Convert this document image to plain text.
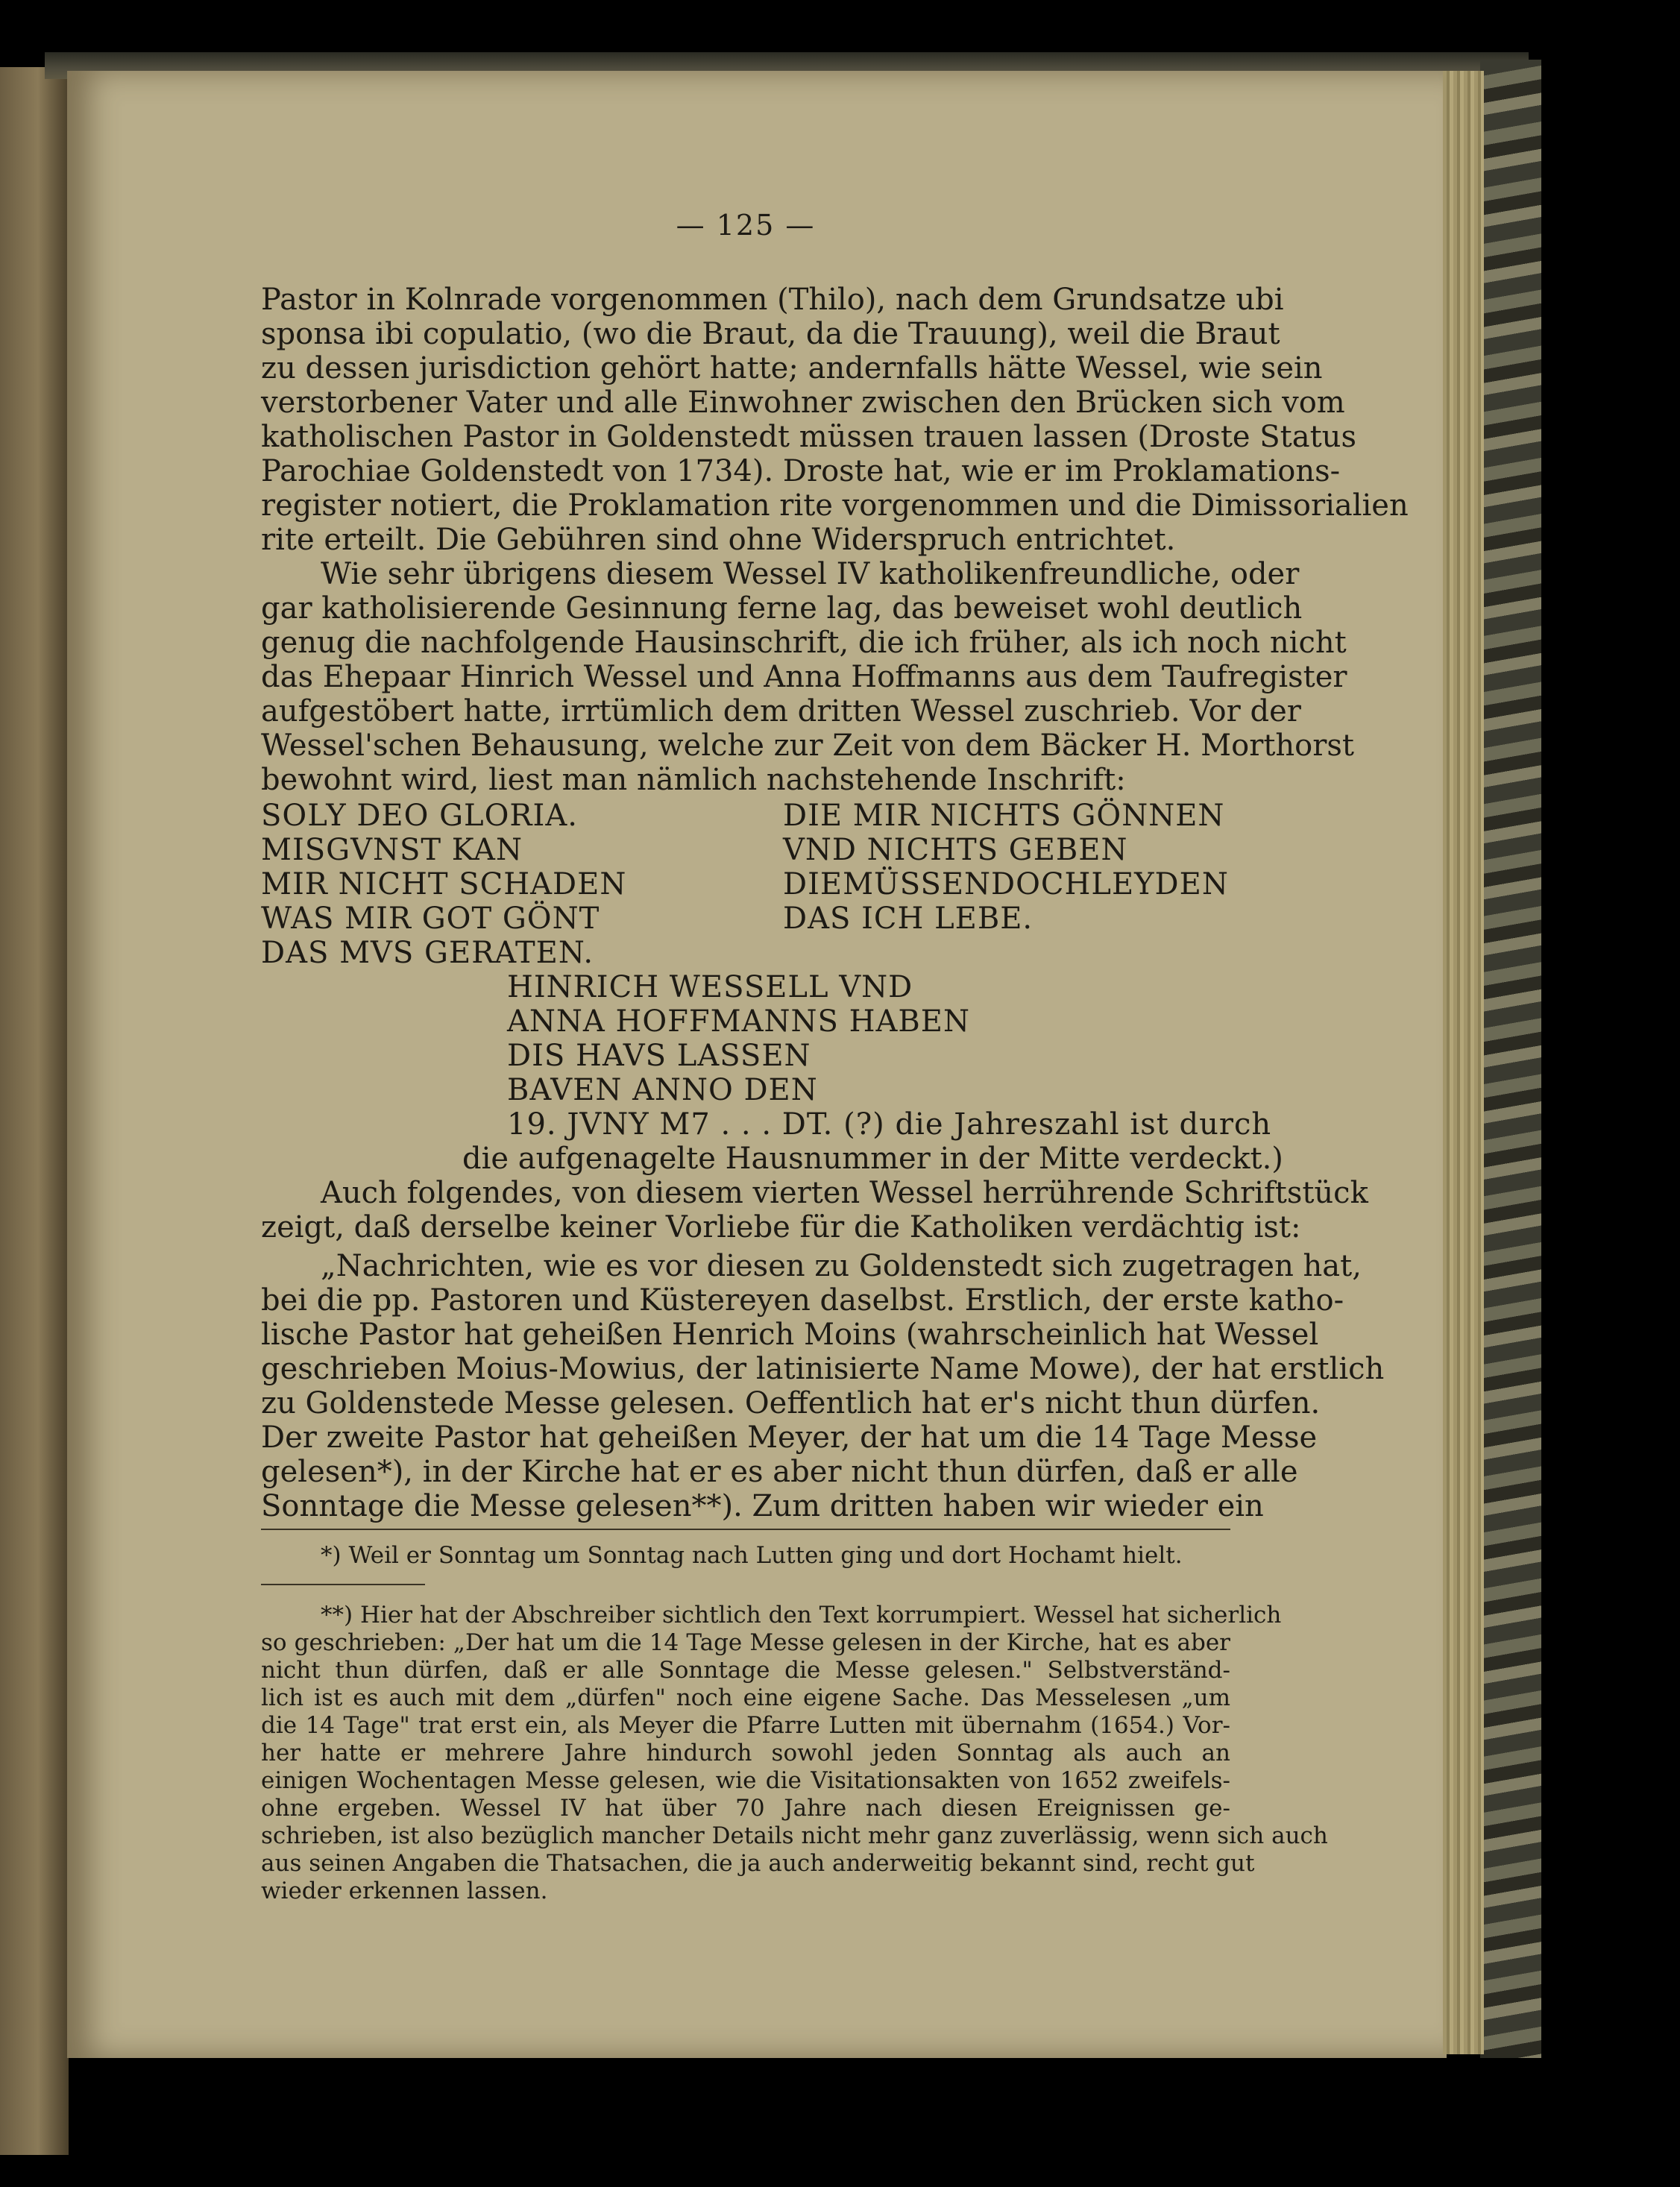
— 125 —
Pastor in Kolnrade vorgenommen (Thilo), nach dem Grundsatze ubi
sponsa ibi copulatio, (wo die Braut, da die Trauung), weil die Braut
zu dessen jurisdiction gehört hatte; andernfalls hätte Wessel, wie sein
verstorbener Vater und alle Einwohner zwischen den Brücken sich vom
katholischen Pastor in Goldenstedt müssen trauen lassen (Droste Status
Parochiae Goldenstedt von 1734). Droste hat, wie er im Proklamations-
register notiert, die Proklamation rite vorgenommen und die Dimissorialien
rite erteilt. Die Gebühren sind ohne Widerspruch entrichtet.
Wie sehr übrigens diesem Wessel IV katholikenfreundliche, oder
gar katholisierende Gesinnung ferne lag, das beweiset wohl deutlich
genug die nachfolgende Hausinschrift, die ich früher, als ich noch nicht
das Ehepaar Hinrich Wessel und Anna Hoffmanns aus dem Taufregister
aufgestöbert hatte, irrtümlich dem dritten Wessel zuschrieb. Vor der
Wessel'schen Behausung, welche zur Zeit von dem Bäcker H. Morthorst
bewohnt wird, liest man nämlich nachstehende Inschrift:
SOLY DEO GLORIA.
MISGVNST KAN
MIR NICHT SCHADEN
WAS MIR GOT GÖNT
DAS MVS GERATEN.
DIE MIR NICHTS GÖNNEN
VND NICHTS GEBEN
DIEMÜSSENDOCHLEYDEN
DAS ICH LEBE.
HINRICH WESSELL VND
ANNA HOFFMANNS HABEN
DIS HAVS LASSEN
BAVEN ANNO DEN
19. JVNY M7 . . . DT. (?) die Jahreszahl ist durch
die aufgenagelte Hausnummer in der Mitte verdeckt.)
Auch folgendes, von diesem vierten Wessel herrührende Schriftstück
zeigt, daß derselbe keiner Vorliebe für die Katholiken verdächtig ist:
„Nachrichten, wie es vor diesen zu Goldenstedt sich zugetragen hat,
bei die pp. Pastoren und Küstereyen daselbst. Erstlich, der erste katho-
lische Pastor hat geheißen Henrich Moins (wahrscheinlich hat Wessel
geschrieben Moius-Mowius, der latinisierte Name Mowe), der hat erstlich
zu Goldenstede Messe gelesen. Oeffentlich hat er's nicht thun dürfen.
Der zweite Pastor hat geheißen Meyer, der hat um die 14 Tage Messe
gelesen*), in der Kirche hat er es aber nicht thun dürfen, daß er alle
Sonntage die Messe gelesen**). Zum dritten haben wir wieder ein
*) Weil er Sonntag um Sonntag nach Lutten ging und dort Hochamt hielt.
**) Hier hat der Abschreiber sichtlich den Text korrumpiert. Wessel hat sicherlich
so geschrieben: „Der hat um die 14 Tage Messe gelesen in der Kirche, hat es aber
nicht thun dürfen, daß er alle Sonntage die Messe gelesen." Selbstverständ-
lich ist es auch mit dem „dürfen" noch eine eigene Sache. Das Messelesen „um
die 14 Tage" trat erst ein, als Meyer die Pfarre Lutten mit übernahm (1654.) Vor-
her hatte er mehrere Jahre hindurch sowohl jeden Sonntag als auch an
einigen Wochentagen Messe gelesen, wie die Visitationsakten von 1652 zweifels-
ohne ergeben. Wessel IV hat über 70 Jahre nach diesen Ereignissen ge-
schrieben, ist also bezüglich mancher Details nicht mehr ganz zuverlässig, wenn sich auch
aus seinen Angaben die Thatsachen, die ja auch anderweitig bekannt sind, recht gut
wieder erkennen lassen.
